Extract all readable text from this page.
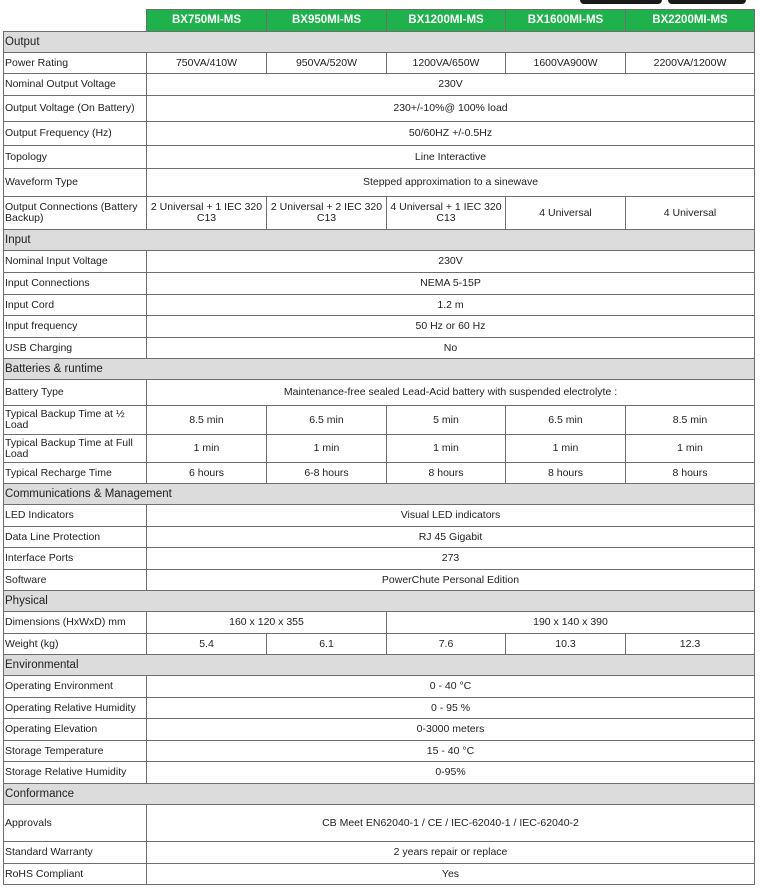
	BX750MI-MS	BX950MI-MS	BX1200MI-MS	BX1600MI-MS	BX2200MI-MS
Output					
Power Rating	750VA/410W	950VA/520W	1200VA/650W	1600VA900W	2200VA/1200W
Nominal Output Voltage	230V				
Output Voltage (On Battery)	230+/-10%@ 100% load				
Output Frequency (Hz)	50/60HZ +/-0.5Hz				
Topology	Line Interactive				
Waveform Type	Stepped approximation to a sinewave				
Output Connections (Battery Backup)	2 Universal + 1 IEC 320 C13	2 Universal + 2 IEC 320 C13	4 Universal + 1 IEC 320 C13	4 Universal	4 Universal
Input					
Nominal Input Voltage	230V				
Input Connections	NEMA 5-15P				
Input Cord	1.2 m				
Input frequency	50 Hz or 60 Hz				
USB Charging	No				
Batteries & runtime					
Battery Type	Maintenance-free sealed Lead-Acid battery with suspended electrolyte :				
Typical Backup Time at ½ Load	8.5 min	6.5 min	5 min	6.5 min	8.5 min
Typical Backup Time at Full Load	1 min	1 min	1 min	1 min	1 min
Typical Recharge Time	6 hours	6-8 hours	8 hours	8 hours	8 hours
Communications & Management					
LED Indicators	Visual LED indicators				
Data Line Protection	RJ 45 Gigabit				
Interface Ports	273				
Software	PowerChute Personal Edition				
Physical					
Dimensions (HxWxD) mm	160 x 120 x 355		190 x 140 x 390		
Weight (kg)	5.4	6.1	7.6	10.3	12.3
Environmental					
Operating Environment	0 - 40 °C				
Operating Relative Humidity	0 - 95 %				
Operating Elevation	0-3000 meters				
Storage Temperature	15 - 40 °C				
Storage Relative Humidity	0-95%				
Conformance					
Approvals	CB Meet EN62040-1 / CE / IEC-62040-1 / IEC-62040-2				
Standard Warranty	2 years repair or replace				
RoHS Compliant	Yes				
